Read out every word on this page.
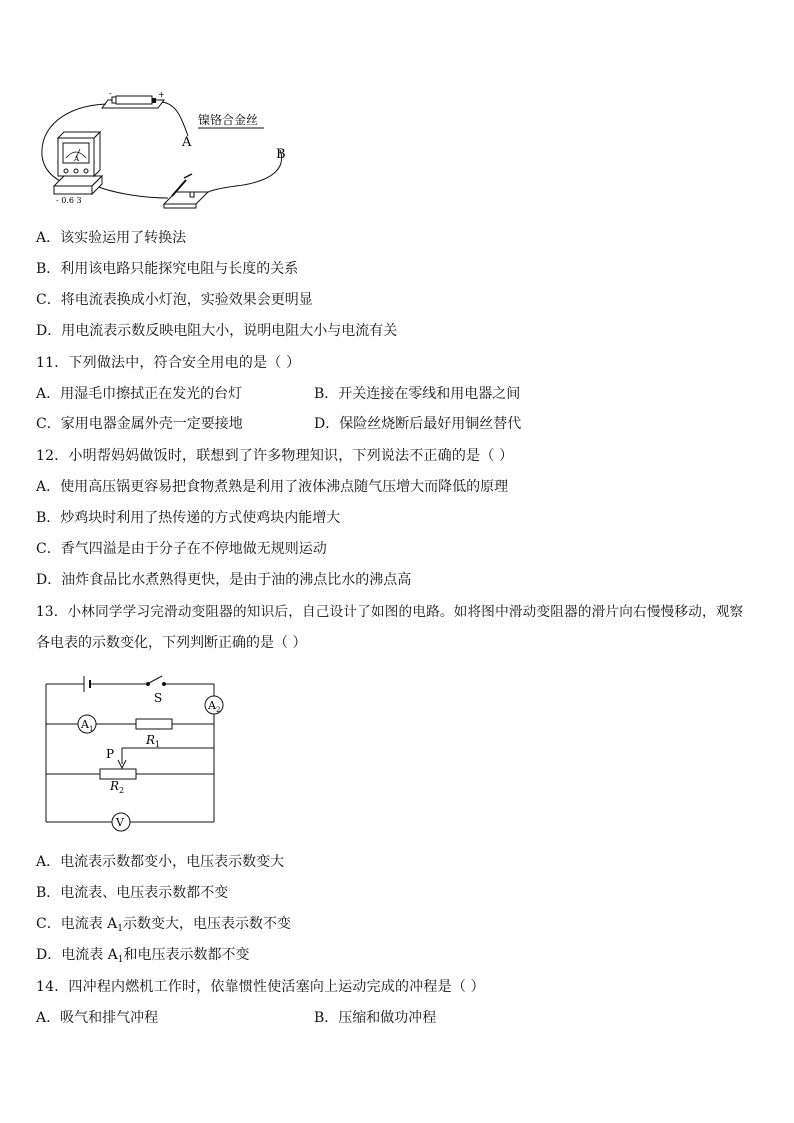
-	+
A
- 0.6 3
A
B
镍铬合金丝
A．该实验运用了转换法
B．利用该电路只能探究电阻与长度的关系
C．将电流表换成小灯泡，实验效果会更明显
D．用电流表示数反映电阻大小，说明电阻大小与电流有关
11．下列做法中，符合安全用电的是（ ）
A．用湿毛巾擦拭正在发光的台灯	B．开关连接在零线和用电器之间
C．家用电器金属外壳一定要接地	D．保险丝烧断后最好用铜丝替代
12．小明帮妈妈做饭时，联想到了许多物理知识，下列说法不正确的是（ ）
A．使用高压锅更容易把食物煮熟是利用了液体沸点随气压增大而降低的原理
B．炒鸡块时利用了热传递的方式使鸡块内能增大
C．香气四溢是由于分子在不停地做无规则运动
D．油炸食品比水煮熟得更快，是由于油的沸点比水的沸点高
13．小林同学学习完滑动变阻器的知识后，自己设计了如图的电路。如将图中滑动变阻器的滑片向右慢慢移动，观察
各电表的示数变化，下列判断正确的是（ ）
S
$A_2$
$A_1$
$R_1$
P
$R_2$
V
A．电流表示数都变小，电压表示数变大
B．电流表、电压表示数都不变
C．电流表 $A_1$示数变大，电压表示数不变
D．电流表 $A_1$和电压表示数都不变
14．四冲程内燃机工作时，依靠惯性使活塞向上运动完成的冲程是（ ）
A．吸气和排气冲程	B．压缩和做功冲程
